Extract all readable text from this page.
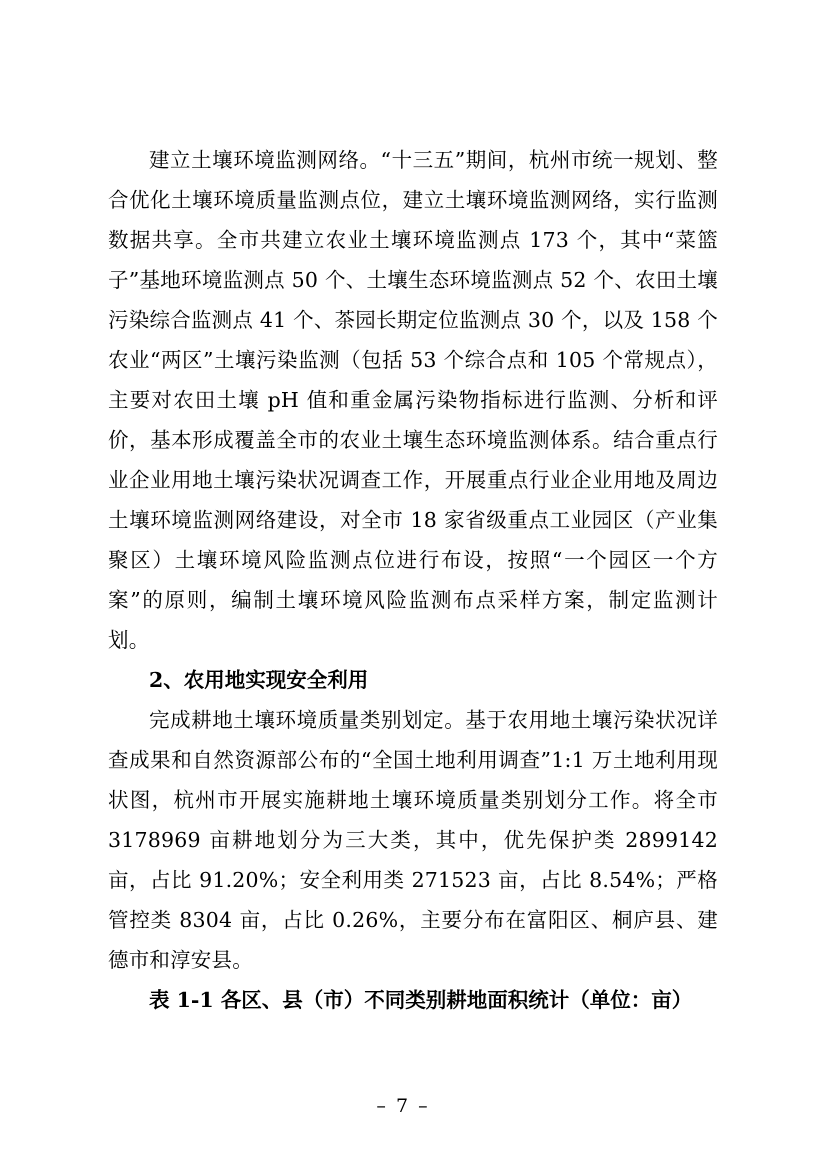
建立土壤环境监测网络。“十三五”期间，杭州市统一规划、整合优化土壤环境质量监测点位，建立土壤环境监测网络，实行监测数据共享。全市共建立农业土壤环境监测点 173 个，其中“菜篮子”基地环境监测点 50 个、土壤生态环境监测点 52 个、农田土壤污染综合监测点 41 个、茶园长期定位监测点 30 个，以及 158 个农业“两区”土壤污染监测（包括 53 个综合点和 105 个常规点），主要对农田土壤 pH 值和重金属污染物指标进行监测、分析和评价，基本形成覆盖全市的农业土壤生态环境监测体系。结合重点行业企业用地土壤污染状况调查工作，开展重点行业企业用地及周边土壤环境监测网络建设，对全市 18 家省级重点工业园区（产业集聚区）土壤环境风险监测点位进行布设，按照“一个园区一个方案”的原则，编制土壤环境风险监测布点采样方案，制定监测计划。

2、农用地实现安全利用

完成耕地土壤环境质量类别划定。基于农用地土壤污染状况详查成果和自然资源部公布的“全国土地利用调查”1:1 万土地利用现状图，杭州市开展实施耕地土壤环境质量类别划分工作。将全市 3178969 亩耕地划分为三大类，其中，优先保护类 2899142 亩，占比 91.20%；安全利用类 271523 亩，占比 8.54%；严格管控类 8304 亩，占比 0.26%，主要分布在富阳区、桐庐县、建德市和淳安县。

表 1-1 各区、县（市）不同类别耕地面积统计（单位：亩）

– 7 –
